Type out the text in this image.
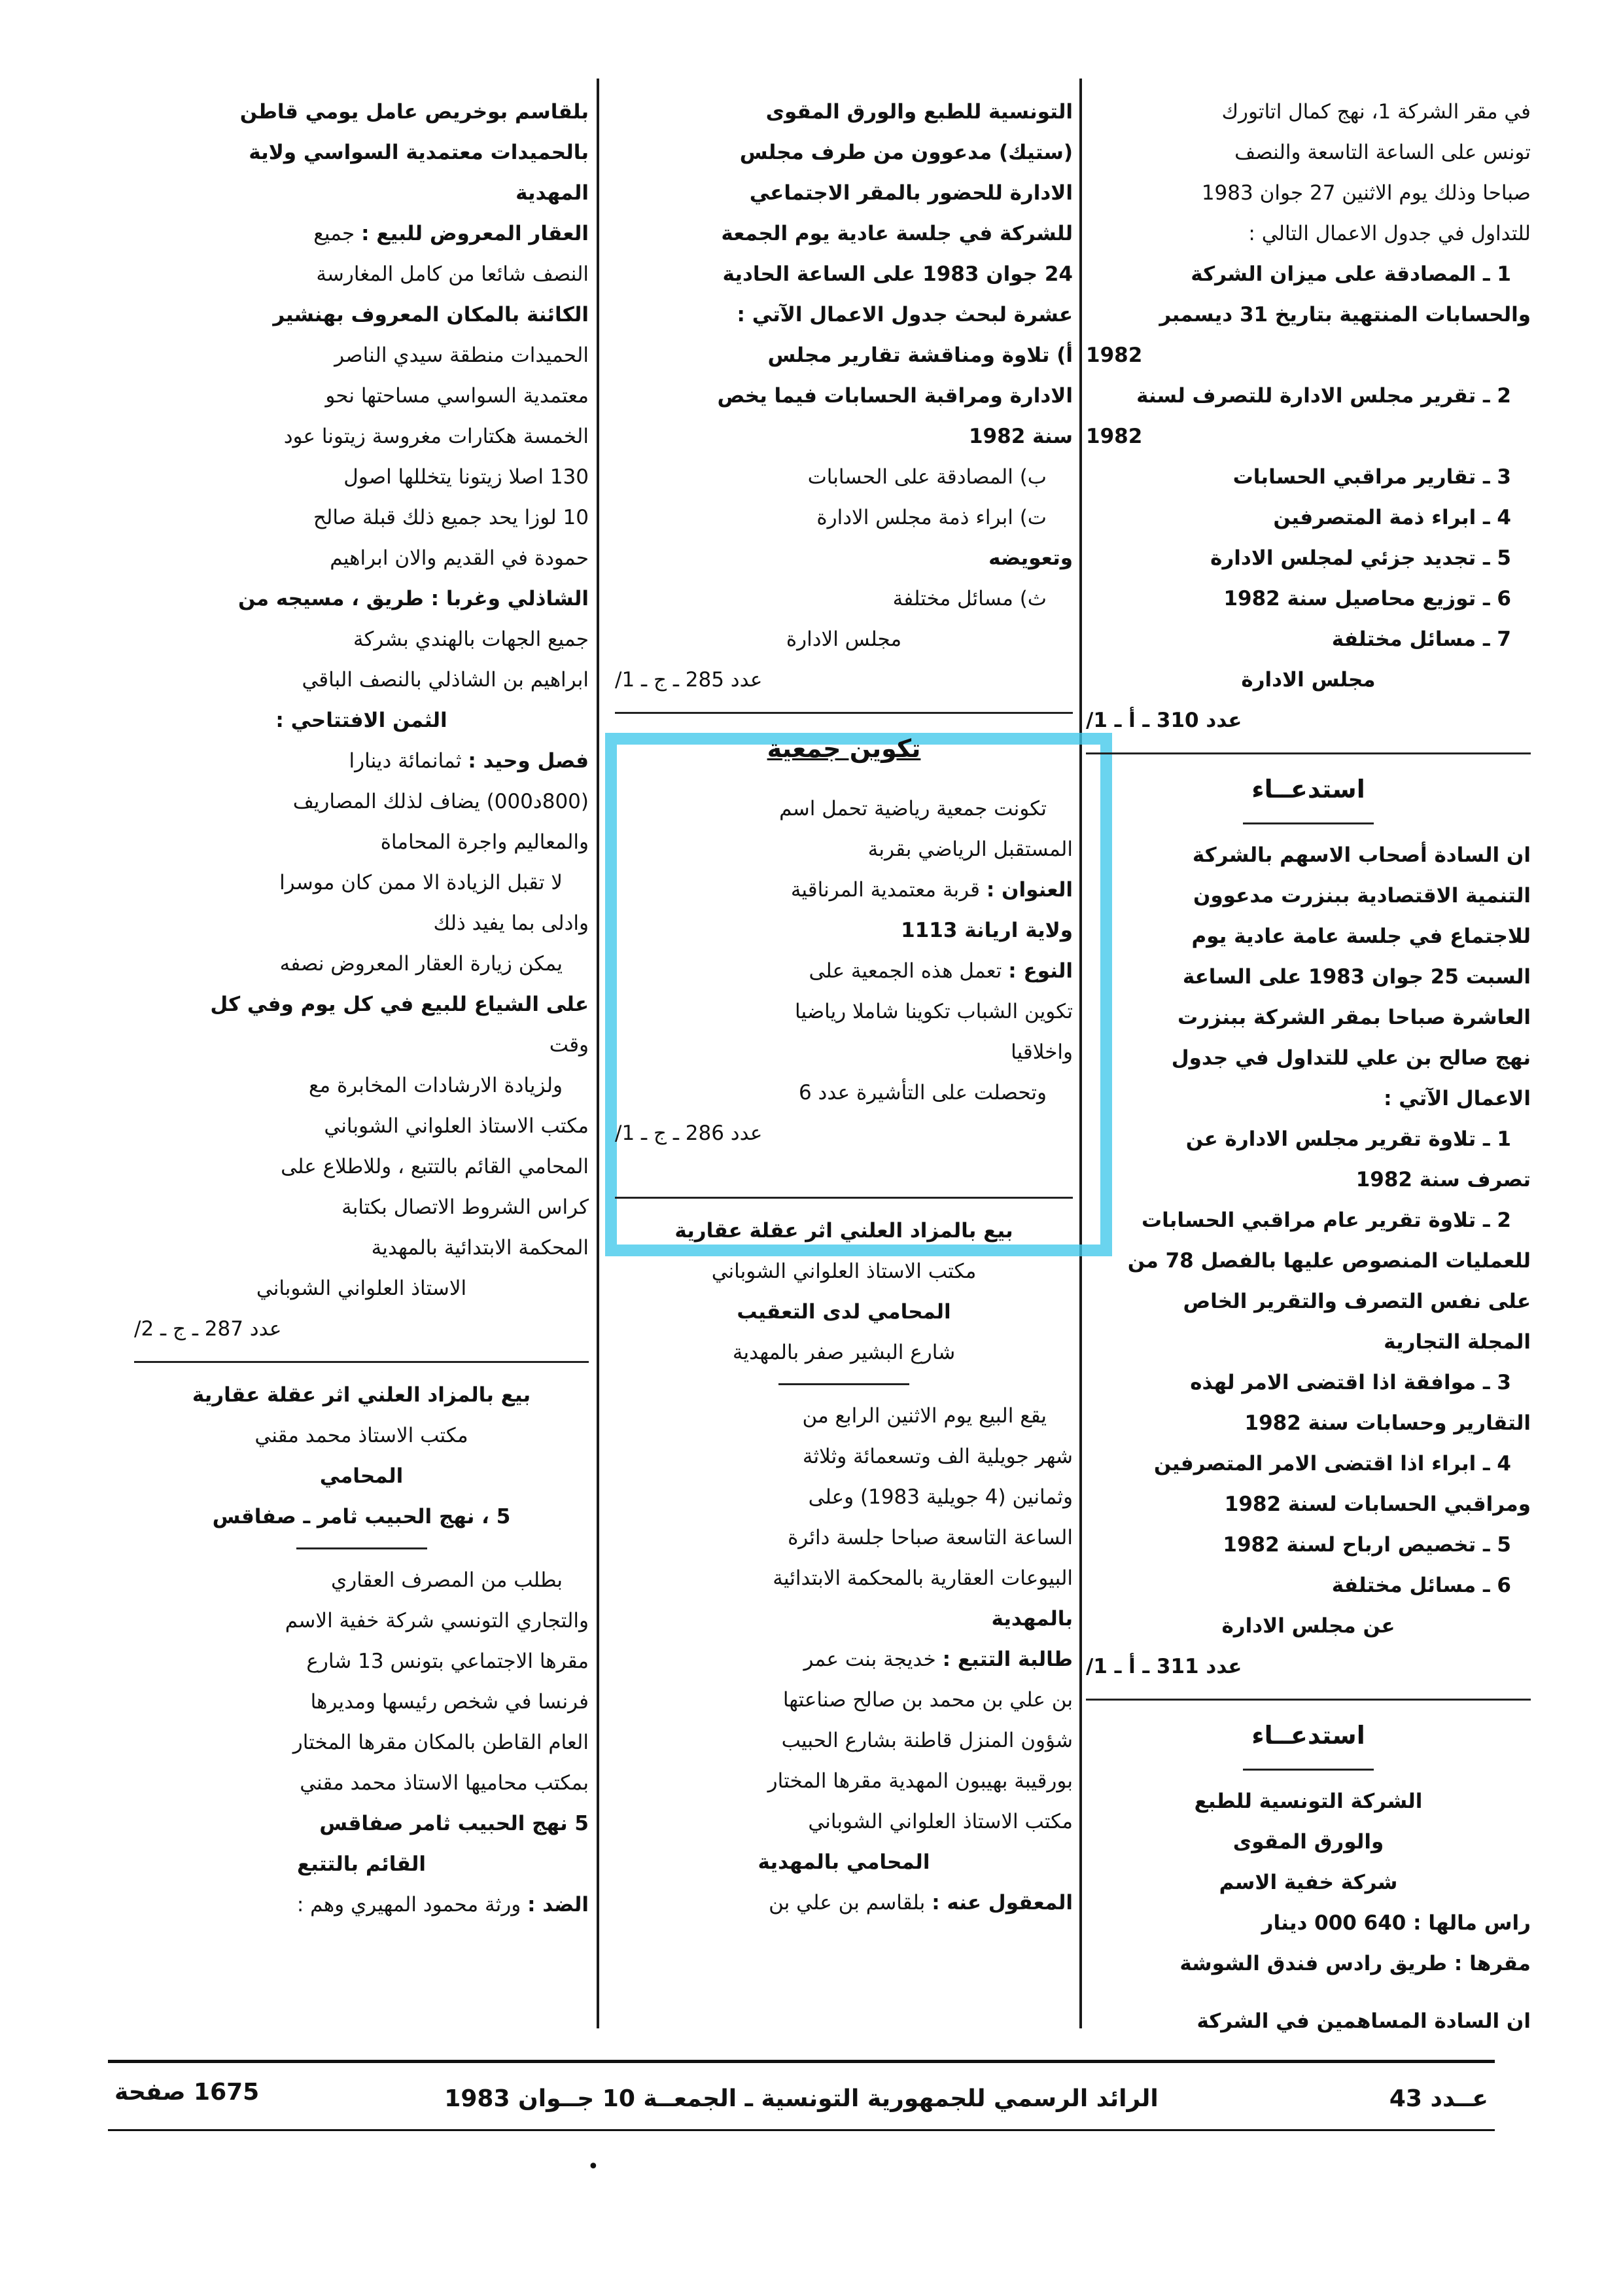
في مقر الشركة 1، نهج كمال اتاتورك

تونس على الساعة التاسعة والنصف

صباحا وذلك يوم الاثنين 27 جوان 1983

للتداول في جدول الاعمال التالي :

1 ـ المصادقة على ميزان الشركة

والحسابات المنتهية بتاريخ 31 ديسمبر

1982

2 ـ تقرير مجلس الادارة للتصرف لسنة

1982

3 ـ تقارير مراقبي الحسابات

4 ـ ابراء ذمة المتصرفين

5 ـ تجديد جزئي لمجلس الادارة

6 ـ توزيع محاصيل سنة 1982

7 ـ مسائل مختلفة

مجلس الادارة

عدد 310 ـ أ ـ 1/

استدعــاء

ان السادة أصحاب الاسهم بالشركة

التنمية الاقتصادية ببنزرت مدعوون

للاجتماع في جلسة عامة عادية يوم

السبت 25 جوان 1983 على الساعة

العاشرة صباحا بمقر الشركة ببنزرت

نهج صالح بن علي للتداول في جدول

الاعمال الآتي :

1 ـ تلاوة تقرير مجلس الادارة عن

تصرف سنة 1982

2 ـ تلاوة تقرير عام مراقبي الحسابات

للعمليات المنصوص عليها بالفصل 78 من

على نفس التصرف والتقرير الخاص

المجلة التجارية

3 ـ موافقة اذا اقتضى الامر لهذه

التقارير وحسابات سنة 1982

4 ـ ابراء اذا اقتضى الامر المتصرفين

ومراقبي الحسابات لسنة 1982

5 ـ تخصيص ارباح لسنة 1982

6 ـ مسائل مختلفة

عن مجلس الادارة

عدد 311 ـ أ ـ 1/

استدعــاء

الشركة التونسية للطبع

والورق المقوى

شركة خفية الاسم

راس مالها : 640 000 دينار

مقرها : طريق رادس فندق الشوشة

ان السادة المساهمين في الشركة

التونسية للطبع والورق المقوى

(ستيك) مدعوون من طرف مجلس

الادارة للحضور بالمقر الاجتماعي

للشركة في جلسة عادية يوم الجمعة

24 جوان 1983 على الساعة الحادية

عشرة لبحث جدول الاعمال الآتي :

أ) تلاوة ومناقشة تقارير مجلس

الادارة ومراقبة الحسابات فيما يخص

سنة 1982

ب) المصادقة على الحسابات

ت) ابراء ذمة مجلس الادارة

وتعويضه

ث) مسائل مختلفة

مجلس الادارة

عدد 285 ـ ج ـ 1/

تكوين جمعية

تكونت جمعية رياضية تحمل اسم

المستقبل الرياضي بقربة

العنوان : قربة معتمدية المرناقية

ولاية اريانة 1113

النوع : تعمل هذه الجمعية على

تكوين الشباب تكوينا شاملا رياضيا

واخلاقيا

وتحصلت على التأشيرة عدد 6

عدد 286 ـ ج ـ 1/

بيع بالمزاد العلني اثر عقلة عقارية

مكتب الاستاذ العلواني الشوباني

المحامي لدى التعقيب

شارع البشير صفر بالمهدية

يقع البيع يوم الاثنين الرابع من

شهر جويلية الف وتسعمائة وثلاثة

وثمانين (4 جويلية 1983) وعلى

الساعة التاسعة صباحا جلسة دائرة

البيوعات العقارية بالمحكمة الابتدائية

بالمهدية

طالبة التتبع : خديجة بنت عمر

بن علي بن محمد بن صالح صناعتها

شؤون المنزل قاطنة بشارع الحبيب

بورقيبة بهيبون المهدية مقرها المختار

مكتب الاستاذ العلواني الشوباني

المحامي بالمهدية

المعقول عنه : بلقاسم بن علي بن

بلقاسم بوخريص عامل يومي قاطن

بالحميدات معتمدية السواسي ولاية

المهدية

العقار المعروض للبيع : جميع

النصف شائعا من كامل المغارسة

الكائنة بالمكان المعروف بهنشير

الحميدات منطقة سيدي الناصر

معتمدية السواسي مساحتها نحو

الخمسة هكتارات مغروسة زيتونا عود

130 اصلا زيتونا يتخللها اصول

10 لوزا يحد جميع ذلك قبلة صالح

حمودة في القديم والان ابراهيم

الشاذلي وغربا : طريق ، مسيجه من

جميع الجهات بالهندي بشركة

ابراهيم بن الشاذلي بالنصف الباقي

الثمن الافتتاحي :

فصل وحيد : ثمانمائة دينارا

(800د000) يضاف لذلك المصاريف

والمعاليم واجرة المحاماة

لا تقبل الزيادة الا ممن كان موسرا

وادلى بما يفيد ذلك

يمكن زيارة العقار المعروض نصفه

على الشياع للبيع في كل يوم وفي كل

وقت

ولزيادة الارشادات المخابرة مع

مكتب الاستاذ العلواني الشوباني

المحامي القائم بالتتبع ، وللاطلاع على

كراس الشروط الاتصال بكتابة

المحكمة الابتدائية بالمهدية

الاستاذ العلواني الشوباني

عدد 287 ـ ج ـ 2/

بيع بالمزاد العلني اثر عقلة عقارية

مكتب الاستاذ محمد مقني

المحامي

5 ، نهج الحبيب ثامر ـ صفاقس

بطلب من المصرف العقاري

والتجاري التونسي شركة خفية الاسم

مقرها الاجتماعي بتونس 13 شارع

فرنسا في شخص رئيسها ومديرها

العام القاطن بالمكان مقرها المختار

بمكتب محاميها الاستاذ محمد مقني

5 نهج الحبيب ثامر صفاقس

القائم بالتتبع

الضد : ورثة محمود المهيري وهم :

عــدد 43
الرائد الرسمي للجمهورية التونسية ـ الجمعــة 10 جــوان 1983
1675 صفحة
•
